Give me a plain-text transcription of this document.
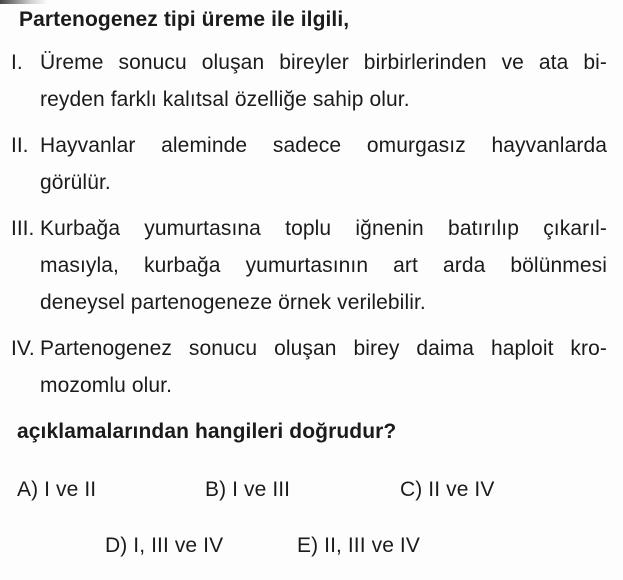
Partenogenez tipi üreme ile ilgili,
I. Üreme sonucu oluşan bireyler birbirlerinden ve ata bi-
reyden farklı kalıtsal özelliğe sahip olur.
II. Hayvanlar aleminde sadece omurgasız hayvanlarda
görülür.
III. Kurbağa yumurtasına toplu iğnenin batırılıp çıkarıl-
masıyla, kurbağa yumurtasının art arda bölünmesi
deneysel partenogeneze örnek verilebilir.
IV. Partenogenez sonucu oluşan birey daima haploit kro-
mozomlu olur.
açıklamalarından hangileri doğrudur?
A) I ve II	B) I ve III	C) II ve IV
D) I, III ve IV	E) II, III ve IV
